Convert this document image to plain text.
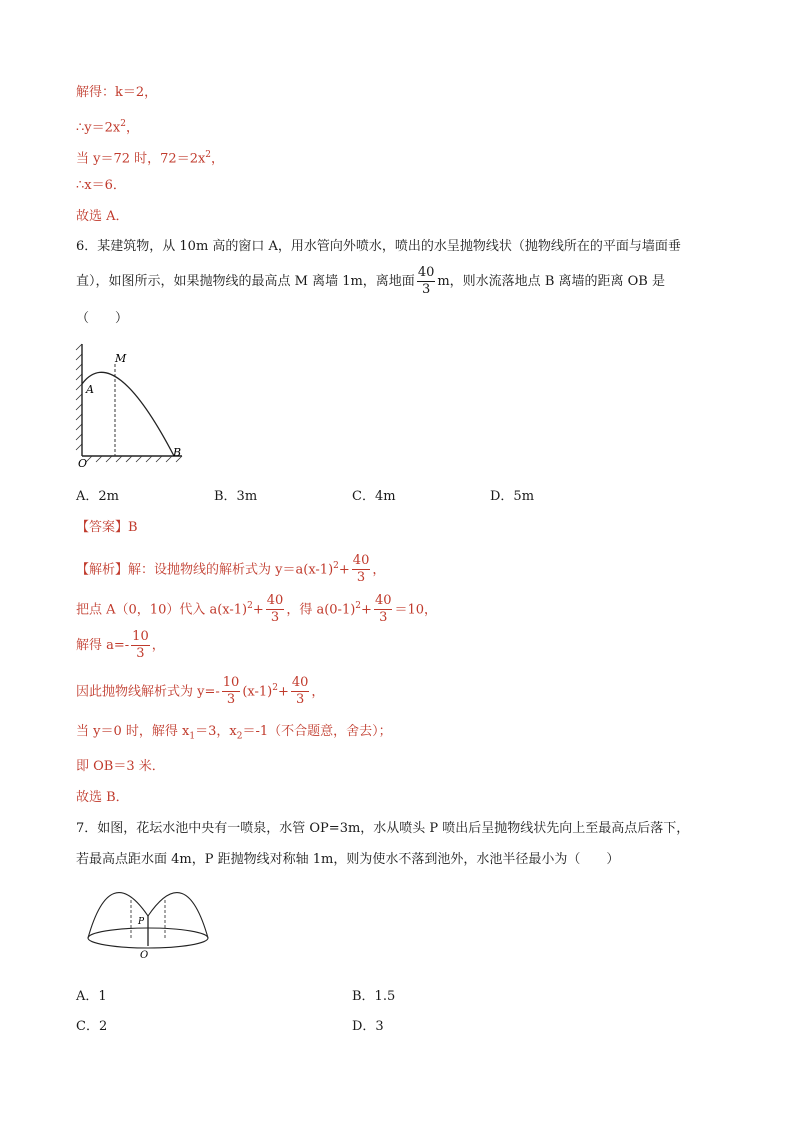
解得：k＝2，
$\therefore y=2x^2$，
当 y＝72 时，$72=2x^2$，
∴x＝6．
故选 A．
6．某建筑物，从 10m 高的窗口 A，用水管向外喷水，喷出的水呈抛物线状（抛物线所在的平面与墙面垂
直），如图所示，如果抛物线的最高点 M 离墙 1m，离地面 $\frac{40}{3}$ m，则水流落地点 B 离墙的距离 OB 是
（　　）
M
A
O
B
A．2m	B．3m	C．4m	D．5m
【答案】B
【解析】解：设抛物线的解析式为 $y=a(x-1)^2+ \frac{40}{3}$ ，
把点 A（0，10）代入 $a(x-1)^2+ \frac{40}{3}$ ，得 $a(0-1)^2+ \frac{40}{3} =10$，
解得 $a=- \frac{10}{3}$ ，
因此抛物线解析式为 $y=- \frac{10}{3} (x-1)^2+ \frac{40}{3}$ ，
当 y＝0 时，解得 $x_1=3$，$x_2=-1$（不合题意，舍去）；
即 OB＝3 米．
故选 B．
7．如图，花坛水池中央有一喷泉，水管 OP=3m，水从喷头 P 喷出后呈抛物线状先向上至最高点后落下，
若最高点距水面 4m，P 距抛物线对称轴 1m，则为使水不落到池外，水池半径最小为（　　）
P
O
A．1	B．1.5
C．2	D．3
